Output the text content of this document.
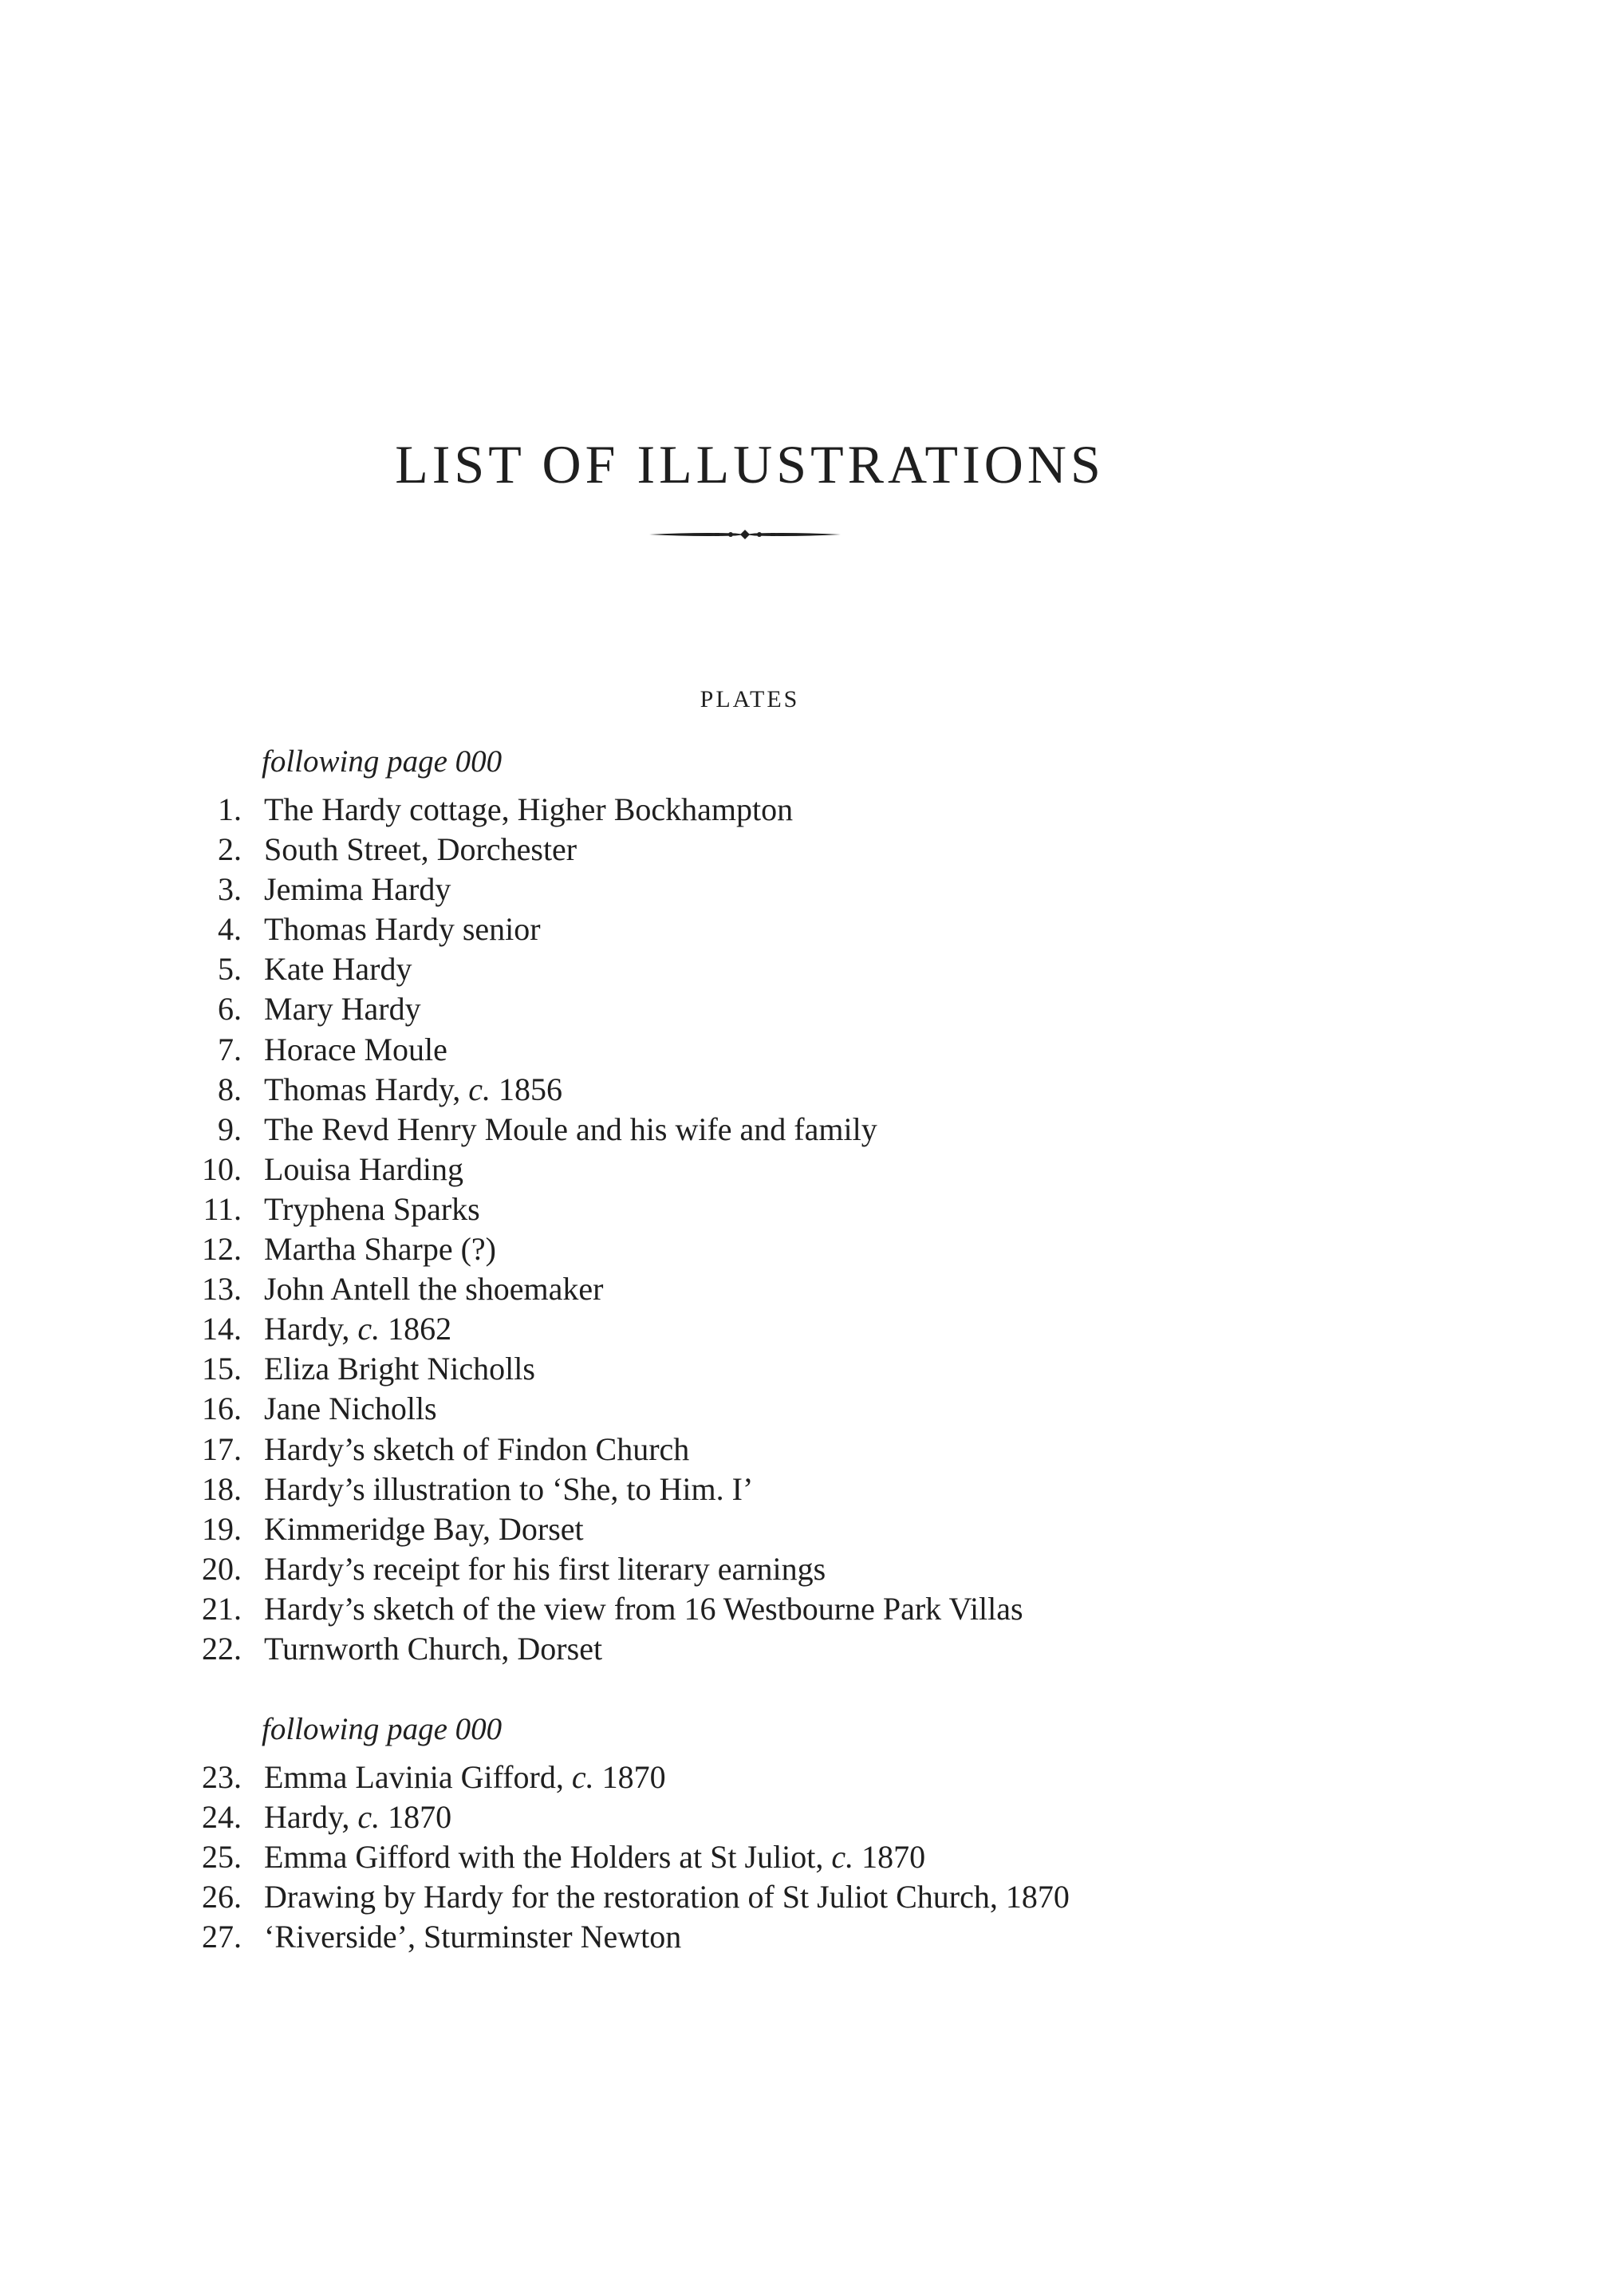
LIST OF ILLUSTRATIONS
PLATES
following page 000
1. The Hardy cottage, Higher Bockhampton
2. South Street, Dorchester
3. Jemima Hardy
4. Thomas Hardy senior
5. Kate Hardy
6. Mary Hardy
7. Horace Moule
8. Thomas Hardy, c. 1856
9. The Revd Henry Moule and his wife and family
10. Louisa Harding
11. Tryphena Sparks
12. Martha Sharpe (?)
13. John Antell the shoemaker
14. Hardy, c. 1862
15. Eliza Bright Nicholls
16. Jane Nicholls
17. Hardy’s sketch of Findon Church
18. Hardy’s illustration to ‘She, to Him. I’
19. Kimmeridge Bay, Dorset
20. Hardy’s receipt for his first literary earnings
21. Hardy’s sketch of the view from 16 Westbourne Park Villas
22. Turnworth Church, Dorset
following page 000
23. Emma Lavinia Gifford, c. 1870
24. Hardy, c. 1870
25. Emma Gifford with the Holders at St Juliot, c. 1870
26. Drawing by Hardy for the restoration of St Juliot Church, 1870
27. ‘Riverside’, Sturminster Newton
